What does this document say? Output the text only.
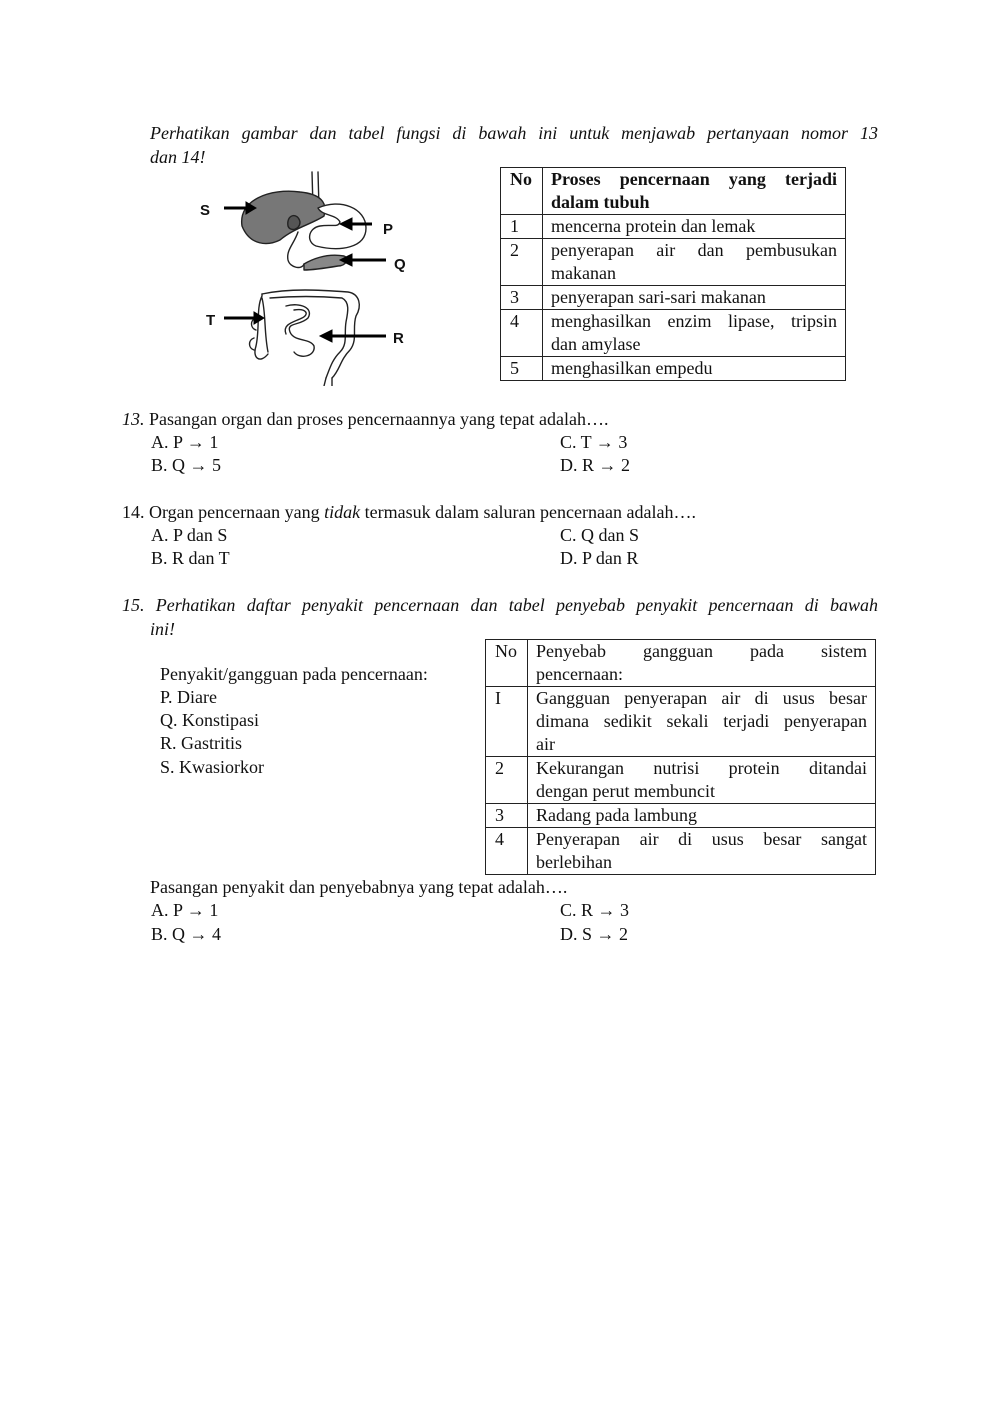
Perhatikan gambar dan tabel fungsi di bawah ini untuk menjawab pertanyaan nomor 13
dan 14!
S
P
Q
T
R
No	Proses pencernaan yang terjadi
dalam tubuh

1	mencerna protein dan lemak
2	penyerapan air dan pembusukan
makanan

3	penyerapan sari-sari makanan
4	menghasilkan enzim lipase, tripsin
dan amylase

5	menghasilkan empedu
13. Pasangan organ dan proses pencernaannya yang tepat adalah….
A. P → 1	C. T → 3
B. Q → 5	D. R → 2
14. Organ pencernaan yang tidak termasuk dalam saluran pencernaan adalah….
A. P dan S	C. Q dan S
B. R dan T	D. P dan R
15. Perhatikan daftar penyakit pencernaan dan tabel penyebab penyakit pencernaan di bawah
ini!
Penyakit/gangguan pada pencernaan:
P. Diare
Q. Konstipasi
R. Gastritis
S. Kwasiorkor
No	Penyebab gangguan pada sistem
pencernaan:

I	Gangguan penyerapan air di usus besar
dimana sedikit sekali terjadi penyerapan
air

2	Kekurangan nutrisi protein ditandai
dengan perut membuncit

3	Radang pada lambung
4	Penyerapan air di usus besar sangat
berlebihan
Pasangan penyakit dan penyebabnya yang tepat adalah….
A. P → 1	C. R → 3
B. Q → 4	D. S → 2
